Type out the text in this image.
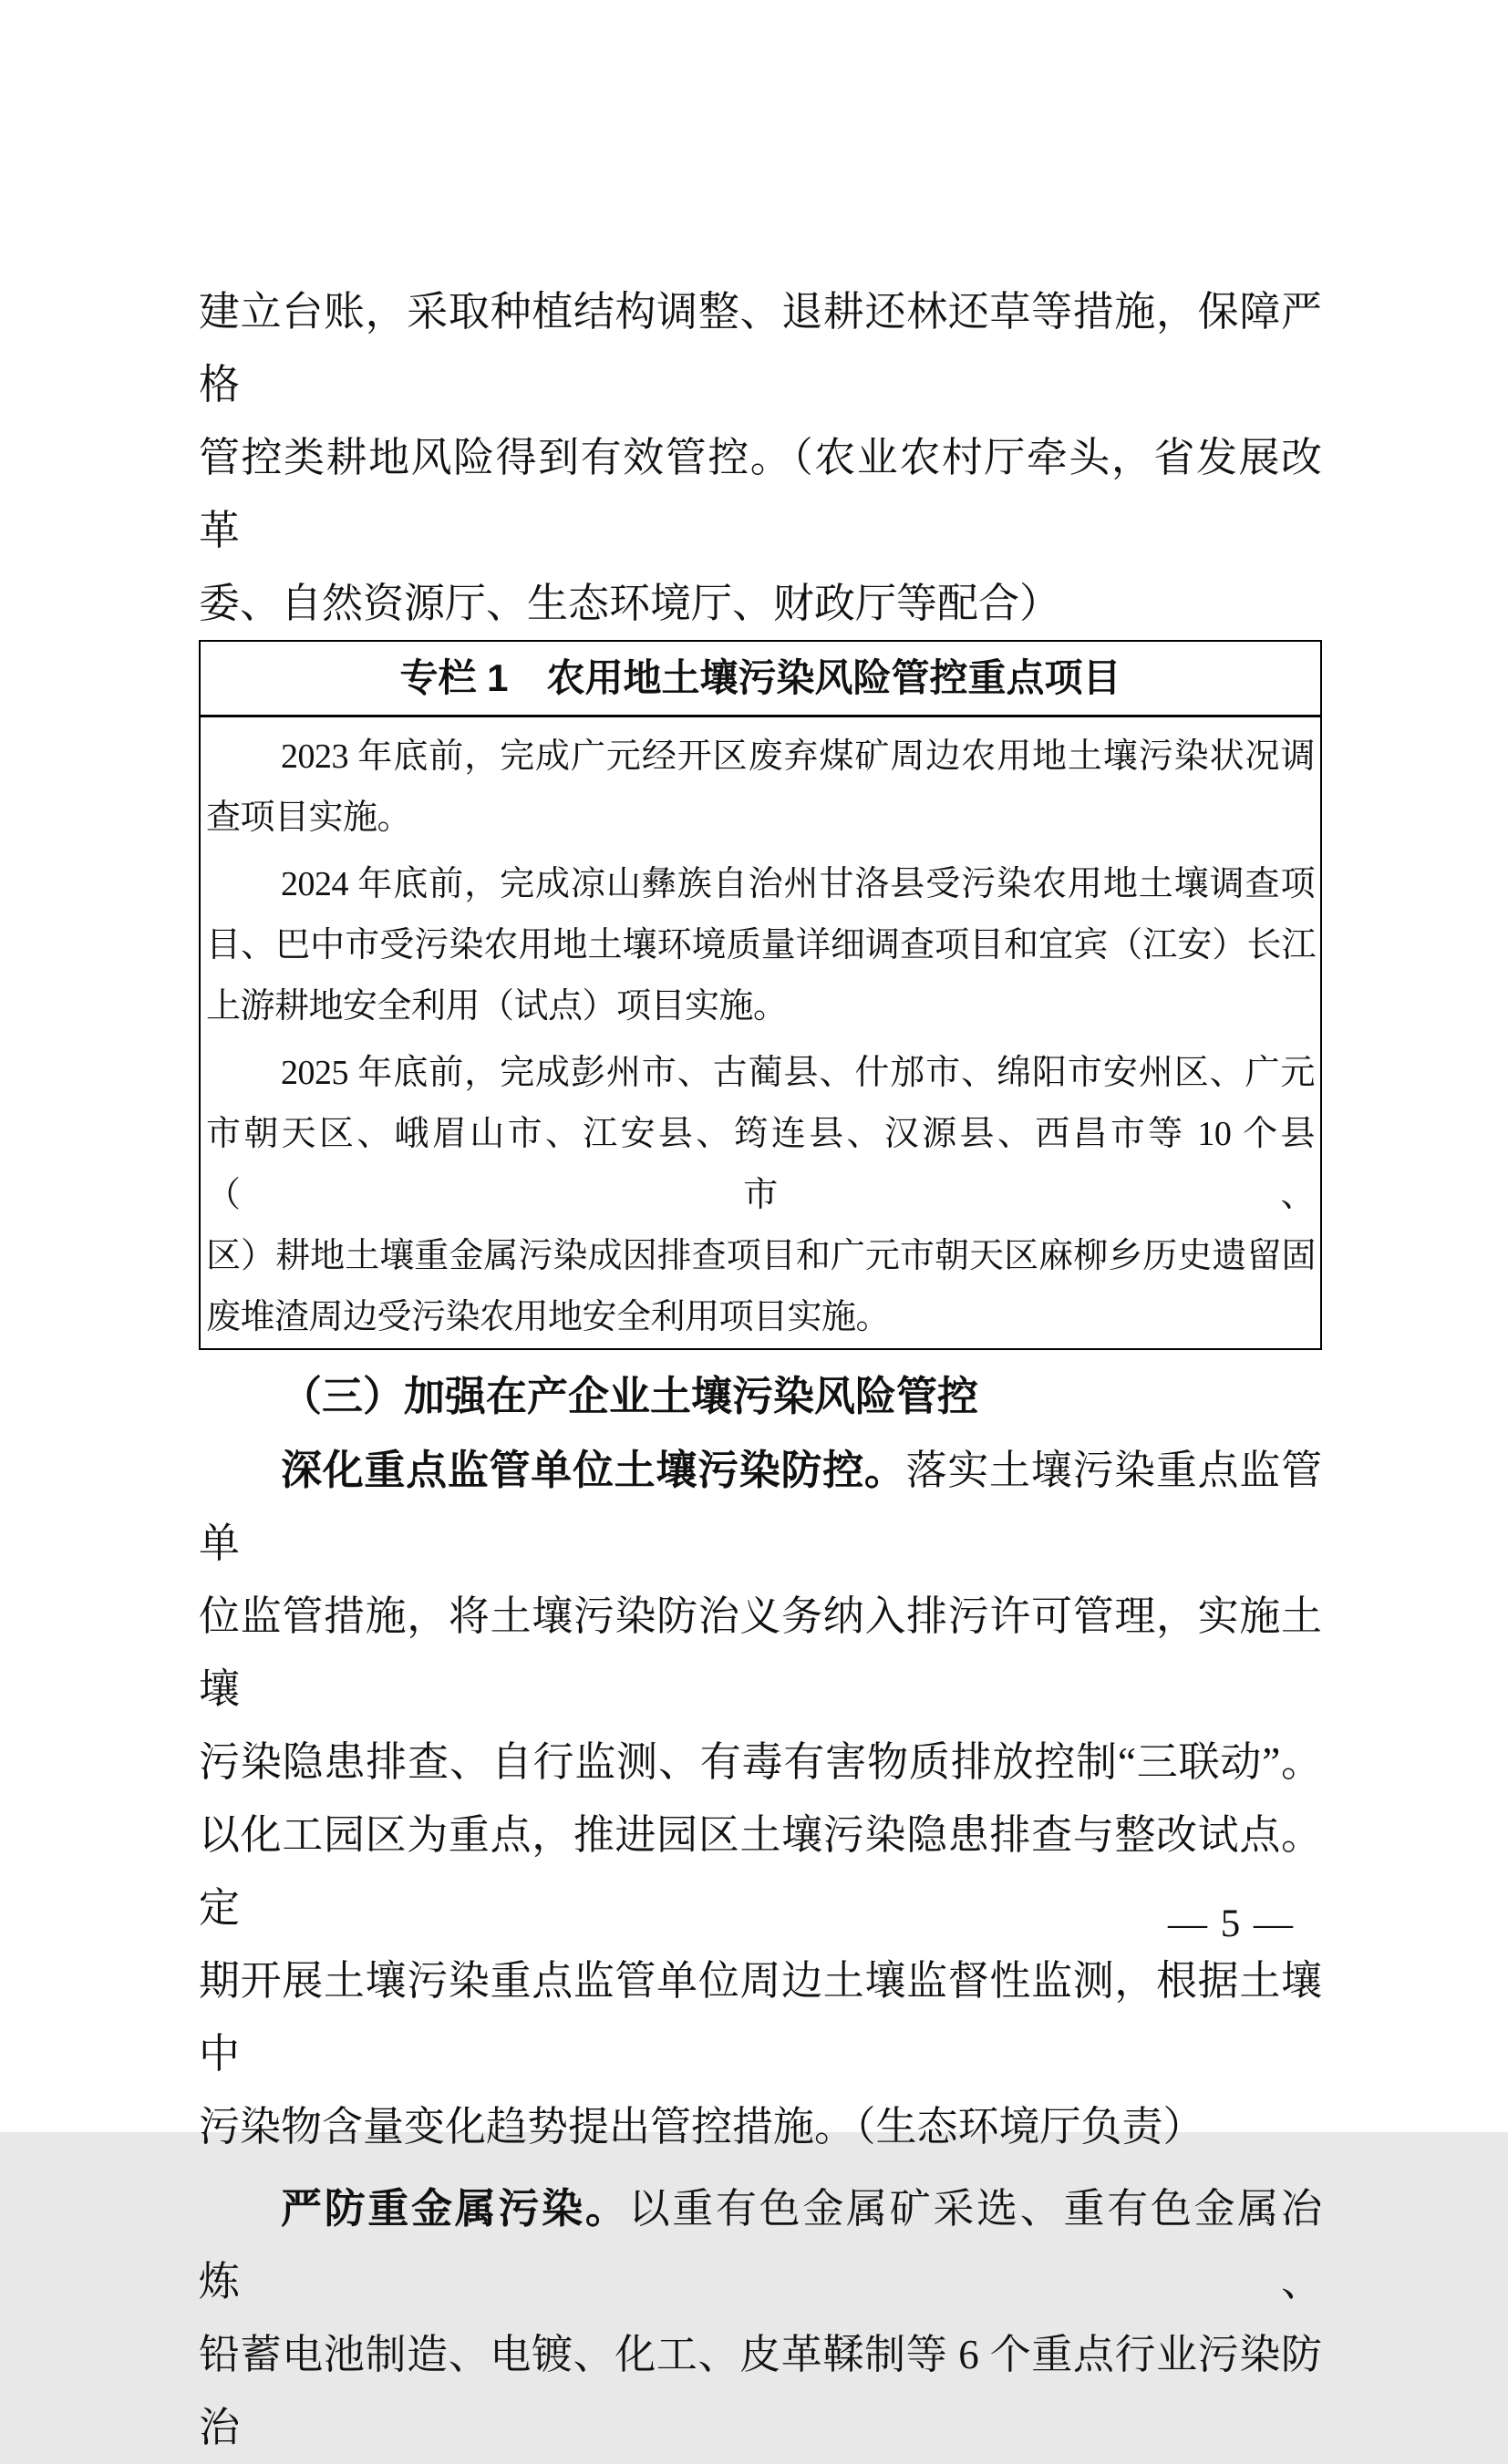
建立台账，采取种植结构调整、退耕还林还草等措施，保障严格
管控类耕地风险得到有效管控。（农业农村厅牵头，省发展改革
委、自然资源厅、生态环境厅、财政厅等配合）
专栏 1　农用地土壤污染风险管控重点项目
2023 年底前，完成广元经开区废弃煤矿周边农用地土壤污染状况调
查项目实施。
2024 年底前，完成凉山彝族自治州甘洛县受污染农用地土壤调查项
目、巴中市受污染农用地土壤环境质量详细调查项目和宜宾（江安）长江
上游耕地安全利用（试点）项目实施。
2025 年底前，完成彭州市、古蔺县、什邡市、绵阳市安州区、广元
市朝天区、峨眉山市、江安县、筠连县、汉源县、西昌市等 10 个县（市、
区）耕地土壤重金属污染成因排查项目和广元市朝天区麻柳乡历史遗留固
废堆渣周边受污染农用地安全利用项目实施。
（三）加强在产企业土壤污染风险管控
深化重点监管单位土壤污染防控。落实土壤污染重点监管单
位监管措施，将土壤污染防治义务纳入排污许可管理，实施土壤
污染隐患排查、自行监测、有毒有害物质排放控制“三联动”。
以化工园区为重点，推进园区土壤污染隐患排查与整改试点。定
期开展土壤污染重点监管单位周边土壤监督性监测，根据土壤中
污染物含量变化趋势提出管控措施。（生态环境厅负责）
严防重金属污染。以重有色金属矿采选、重有色金属冶炼、
铅蓄电池制造、电镀、化工、皮革鞣制等 6 个重点行业污染防治
— 5 —
